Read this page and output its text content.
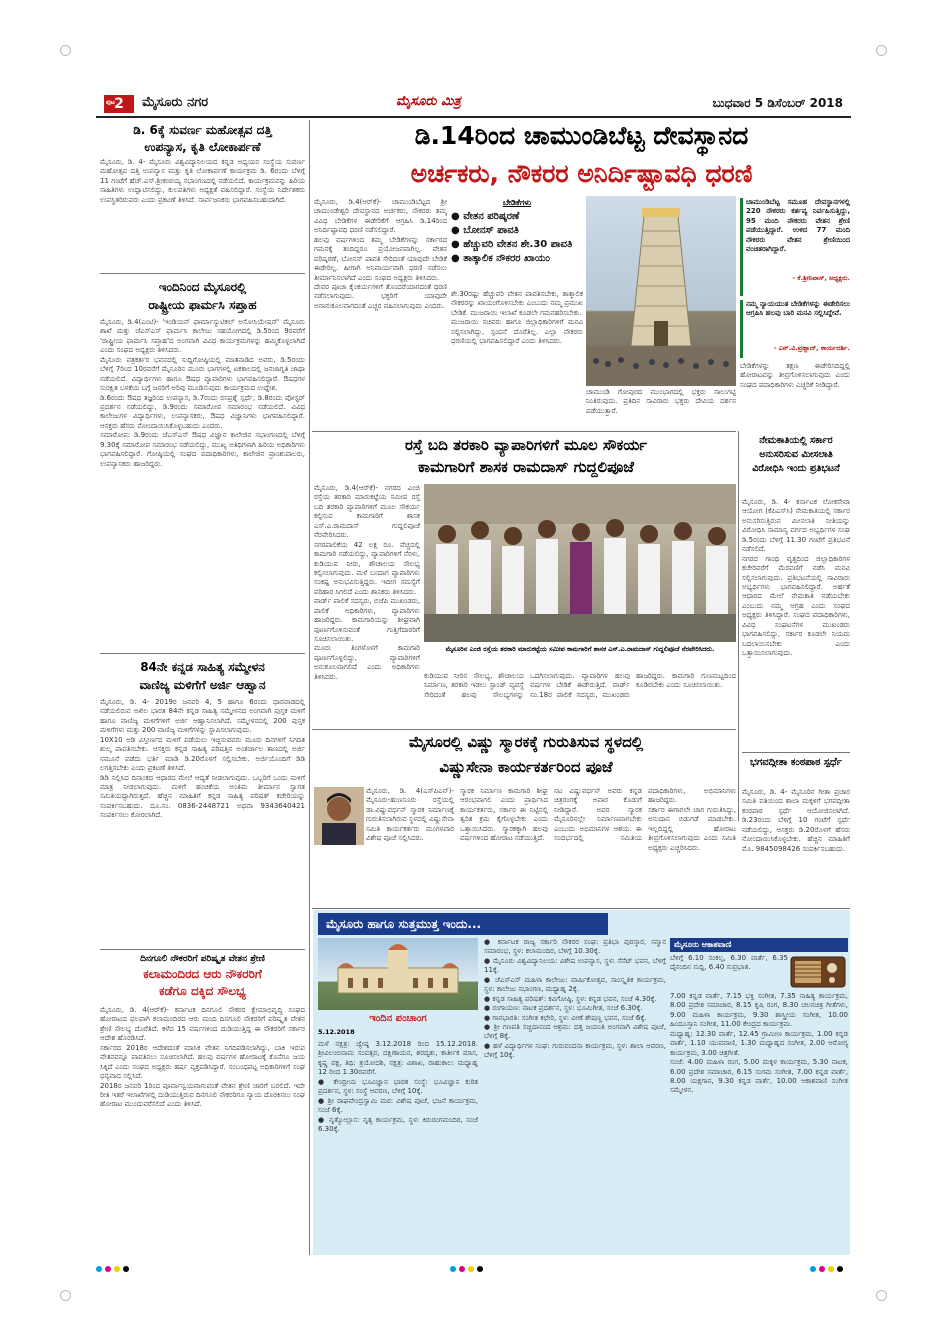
ಪುಟ 2	ಮೈಸೂರು ನಗರ	ಮೈಸೂರು ಮಿತ್ರ	ಬುಧವಾರ 5 ಡಿಸೆಂಬರ್ 2018
ಡಿ. 6ಕ್ಕೆ ಸುವರ್ಣ ಮಹೋತ್ಸವ ದತ್ತಿ
ಉಪನ್ಯಾಸ, ಕೃತಿ ಲೋಕಾರ್ಪಣೆ

ಮೈಸೂರು, ಡಿ. 4- ಮೈಸೂರು ವಿಶ್ವವಿದ್ಯಾನಿಲಯದ ಕನ್ನಡ ಅಧ್ಯಯನ ಸಂಸ್ಥೆಯ ಸುವರ್ಣ ಮಹೋತ್ಸವ ದತ್ತಿ ಉಪನ್ಯಾಸ ಮತ್ತು ಕೃತಿ ಲೋಕಾರ್ಪಣೆ ಕಾರ್ಯಕ್ರಮ ಡಿ. 6ರಂದು ಬೆಳಿಗ್ಗೆ 11 ಗಂಟೆಗೆ ಹೆಚ್.ಎಸ್.ಶ್ರೀಕಂಠಯ್ಯ ಸಭಾಂಗಣದಲ್ಲಿ ನಡೆಯಲಿದೆ. ಕಾರ್ಯಕ್ರಮವನ್ನು ಹಿರಿಯ ಸಾಹಿತಿಗಳು ಉದ್ಘಾಟಿಸಲಿದ್ದು, ಕುಲಪತಿಗಳು ಅಧ್ಯಕ್ಷತೆ ವಹಿಸಲಿದ್ದಾರೆ. ಸಂಸ್ಥೆಯ ನಿರ್ದೇಶಕರು ಉಪಸ್ಥಿತರಿರುವರು ಎಂದು ಪ್ರಕಟಣೆ ತಿಳಿಸಿದೆ. ಸಾರ್ವಜನಿಕರು ಭಾಗವಹಿಸಬಹುದಾಗಿದೆ.

ಇಂದಿನಿಂದ ಮೈಸೂರಲ್ಲಿ
ರಾಷ್ಟ್ರೀಯ ಫಾರ್ಮಸಿ ಸಪ್ತಾಹ

ಮೈಸೂರು, ಡಿ.4(ಎಂಟಿ)- 'ಇಂಡಿಯನ್ ಫಾರ್ಮಾಸ್ಯುಟಿಕಲ್ ಅಸೋಸಿಯೇಷನ್' ಮೈಸೂರು ಶಾಖೆ ಮತ್ತು ಜೆಎಸ್‌ಎಸ್ ಫಾರ್ಮಸಿ ಕಾಲೇಜು ಸಹಯೋಗದಲ್ಲಿ ಡಿ.5ರಿಂದ 9ರವರೆಗೆ 'ರಾಷ್ಟ್ರೀಯ ಫಾರ್ಮಸಿ ಸಪ್ತಾಹ'ದ ಅಂಗವಾಗಿ ವಿವಿಧ ಕಾರ್ಯಕ್ರಮಗಳನ್ನು ಹಮ್ಮಿಕೊಳ್ಳಲಾಗಿದೆ ಎಂದು ಸಂಘದ ಅಧ್ಯಕ್ಷರು ತಿಳಿಸಿದರು.

ಮೈಸೂರು ಪತ್ರಕರ್ತರ ಭವನದಲ್ಲಿ ಸುದ್ದಿಗೋಷ್ಠಿಯಲ್ಲಿ ಮಾತನಾಡಿದ ಅವರು, ಡಿ.5ರಂದು ಬೆಳಿಗ್ಗೆ 7ರಿಂದ 10ರವರೆಗೆ ಮೈಸೂರಿನ ಮೂರು ಭಾಗಗಳಲ್ಲಿ ಏಕಕಾಲದಲ್ಲಿ ಜನಜಾಗೃತಿ ಜಾಥಾ ನಡೆಯಲಿದೆ. ವಿದ್ಯಾರ್ಥಿಗಳು ಹಾಗೂ ಔಷಧ ವ್ಯಾಪಾರಿಗಳು ಭಾಗವಹಿಸಲಿದ್ದಾರೆ. ಔಷಧಗಳ ಸುರಕ್ಷಿತ ಬಳಕೆಯ ಬಗ್ಗೆ ಜನರಿಗೆ ಅರಿವು ಮೂಡಿಸುವುದು ಕಾರ್ಯಕ್ರಮದ ಉದ್ದೇಶ.

ಡಿ.6ರಂದು ಔಷಧ ತಜ್ಞರಿಂದ ಉಪನ್ಯಾಸ, ಡಿ.7ರಂದು ರಸಪ್ರಶ್ನೆ ಸ್ಪರ್ಧೆ, ಡಿ.8ರಂದು ಪೋಸ್ಟರ್ ಪ್ರದರ್ಶನ ನಡೆಯಲಿದ್ದು, ಡಿ.9ರಂದು ಸಮಾರೋಪ ಸಮಾರಂಭ ನಡೆಯಲಿದೆ. ವಿವಿಧ ಕಾಲೇಜುಗಳ ವಿದ್ಯಾರ್ಥಿಗಳು, ಉಪನ್ಯಾಸಕರು, ಔಷಧ ವಿಜ್ಞಾನಿಗಳು ಭಾಗವಹಿಸಲಿದ್ದಾರೆ. ಆಸಕ್ತರು ಹೆಸರು ನೋಂದಾಯಿಸಿಕೊಳ್ಳಬಹುದು ಎಂದರು.

ಸಮಾರೋಪ: ಡಿ.9ರಂದು ಜೆಎಸ್‌ಎಸ್ ಔಷಧ ವಿಜ್ಞಾನ ಕಾಲೇಜಿನ ಸಭಾಂಗಣದಲ್ಲಿ ಬೆಳಿಗ್ಗೆ 9.30ಕ್ಕೆ ಸಮಾರೋಪ ಸಮಾರಂಭ ನಡೆಯಲಿದ್ದು, ಮುಖ್ಯ ಅತಿಥಿಗಳಾಗಿ ಹಿರಿಯ ಅಧಿಕಾರಿಗಳು ಭಾಗವಹಿಸಲಿದ್ದಾರೆ. ಗೋಷ್ಠಿಯಲ್ಲಿ ಸಂಘದ ಪದಾಧಿಕಾರಿಗಳು, ಕಾಲೇಜಿನ ಪ್ರಾಂಶುಪಾಲರು, ಉಪನ್ಯಾಸಕರು ಹಾಜರಿದ್ದರು.

84ನೇ ಕನ್ನಡ ಸಾಹಿತ್ಯ ಸಮ್ಮೇಳನ
ವಾಣಿಜ್ಯ ಮಳಿಗೆಗೆ ಅರ್ಜಿ ಆಹ್ವಾನ

ಮೈಸೂರು, ಡಿ. 4- 2019ರ ಜನವರಿ 4, 5 ಹಾಗೂ 6ರಂದು ಧಾರವಾಡದಲ್ಲಿ ನಡೆಯಲಿರುವ ಅಖಿಲ ಭಾರತ 84ನೇ ಕನ್ನಡ ಸಾಹಿತ್ಯ ಸಮ್ಮೇಳನದ ಅಂಗವಾಗಿ ಪುಸ್ತಕ ಮಳಿಗೆ ಹಾಗೂ ವಾಣಿಜ್ಯ ಮಳಿಗೆಗಳಿಗೆ ಅರ್ಜಿ ಆಹ್ವಾನಿಸಲಾಗಿದೆ. ಸಮ್ಮೇಳನದಲ್ಲಿ 200 ಪುಸ್ತಕ ಮಳಿಗೆಗಳು ಮತ್ತು 200 ವಾಣಿಜ್ಯ ಮಳಿಗೆಗಳನ್ನು ಸ್ಥಾಪಿಸಲಾಗುವುದು.

10X10 ಅಡಿ ವಿಸ್ತೀರ್ಣದ ಮಳಿಗೆ ಪಡೆಯಲು ಇಚ್ಛಿಸುವವರು ಮೂರು ದಿನಗಳಿಗೆ ನಿಗದಿತ ಶುಲ್ಕ ಪಾವತಿಸಬೇಕು. ಆಸಕ್ತರು ಕನ್ನಡ ಸಾಹಿತ್ಯ ಪರಿಷತ್ತಿನ ಅಂತರ್ಜಾಲ ತಾಣದಲ್ಲಿ ಅರ್ಜಿ ನಮೂನೆ ಪಡೆದು ಭರ್ತಿ ಮಾಡಿ ಡಿ.20ರೊಳಗೆ ಸಲ್ಲಿಸಬೇಕು. ಅರ್ಜಿಯೊಂದಿಗೆ ಡಿಡಿ ಲಗತ್ತಿಸಬೇಕು ಎಂದು ಪ್ರಕಟಣೆ ತಿಳಿಸಿದೆ.

ಡಿಡಿ ಸಲ್ಲಿಸಿದ ದಿನಾಂಕದ ಆಧಾರದ ಮೇಲೆ ಆದ್ಯತೆ ನೀಡಲಾಗುವುದು. ಒಬ್ಬರಿಗೆ ಒಂದು ಮಳಿಗೆ ಮಾತ್ರ ನೀಡಲಾಗುವುದು. ಮಳಿಗೆ ಹಂಚಿಕೆಯ ಅಂತಿಮ ತೀರ್ಮಾನ ಸ್ವಾಗತ ಸಮಿತಿಯದ್ದಾಗಿರುತ್ತದೆ. ಹೆಚ್ಚಿನ ಮಾಹಿತಿಗೆ ಕನ್ನಡ ಸಾಹಿತ್ಯ ಪರಿಷತ್ ಕಚೇರಿಯನ್ನು ಸಂಪರ್ಕಿಸಬಹುದು. ದೂ.ಸಂ. 0836-2448721 ಅಥವಾ 9343640421 ಸಂಪರ್ಕಿಸಲು ಕೋರಲಾಗಿದೆ.

ದಿನಗೂಲಿ ನೌಕರರಿಗೆ ಪರಿಷ್ಕೃತ ವೇತನ ಶ್ರೇಣಿ
ಕಲಾಮಂದಿರದ ಆರು ನೌಕರರಿಗೆ
ಕಡೆಗೂ ದಕ್ಕಿದ ಸೌಲಭ್ಯ

ಮೈಸೂರು, ಡಿ. 4(ಆರ್‌ಕೆ)- ಕರ್ನಾಟಕ ದಿನಗೂಲಿ ನೌಕರರ ಕ್ಷೇಮಾಭಿವೃದ್ಧಿ ಸಂಘದ ಹೋರಾಟದ ಫಲವಾಗಿ ಕಲಾಮಂದಿರದ ಆರು ಮಂದಿ ದಿನಗೂಲಿ ನೌಕರರಿಗೆ ಪರಿಷ್ಕೃತ ವೇತನ ಶ್ರೇಣಿ ಸೌಲಭ್ಯ ದೊರೆತಿದೆ. ಕಳೆದ 15 ವರ್ಷಗಳಿಂದ ದುಡಿಯುತ್ತಿದ್ದ ಈ ನೌಕರರಿಗೆ ಸರ್ಕಾರ ಆದೇಶ ಹೊರಡಿಸಿದೆ.

ಸರ್ಕಾರದ 2018ರ ಆದೇಶದಂತೆ ಮಾಸಿಕ ವೇತನ ನಿಗದಿಪಡಿಸಲಾಗಿದ್ದು, ಬಾಕಿ ಇರುವ ವೇತನವನ್ನೂ ಪಾವತಿಸಲು ಸೂಚಿಸಲಾಗಿದೆ. ಹಲವು ವರ್ಷಗಳ ಹೋರಾಟಕ್ಕೆ ಕೊನೆಗೂ ಜಯ ಸಿಕ್ಕಿದೆ ಎಂದು ಸಂಘದ ಅಧ್ಯಕ್ಷರು ಹರ್ಷ ವ್ಯಕ್ತಪಡಿಸಿದ್ದಾರೆ. ಸಂಬಂಧಪಟ್ಟ ಅಧಿಕಾರಿಗಳಿಗೆ ಸಂಘ ಧನ್ಯವಾದ ಸಲ್ಲಿಸಿದೆ.

2018ರ ಜನವರಿ 1ರಿಂದ ಪೂರ್ವಾನ್ವಯವಾಗುವಂತೆ ವೇತನ ಶ್ರೇಣಿ ಜಾರಿಗೆ ಬರಲಿದೆ. ಇದೇ ರೀತಿ ಇತರೆ ಇಲಾಖೆಗಳಲ್ಲಿ ದುಡಿಯುತ್ತಿರುವ ದಿನಗೂಲಿ ನೌಕರರಿಗೂ ನ್ಯಾಯ ದೊರಕಿಸಲು ಸಂಘ ಹೋರಾಟ ಮುಂದುವರೆಸಲಿದೆ ಎಂದು ತಿಳಿಸಿದೆ.

ಡಿ.14ರಿಂದ ಚಾಮುಂಡಿಬೆಟ್ಟ ದೇವಸ್ಥಾನದ
ಅರ್ಚಕರು, ನೌಕರರ ಅನಿರ್ದಿಷ್ಟಾವಧಿ ಧರಣಿ

ಮೈಸೂರು, ಡಿ.4(ಆರ್‌ಕೆ)- ಚಾಮುಂಡಿಬೆಟ್ಟದ ಶ್ರೀ ಚಾಮುಂಡೇಶ್ವರಿ ದೇವಸ್ಥಾನದ ಅರ್ಚಕರು, ನೌಕರರು ತಮ್ಮ ವಿವಿಧ ಬೇಡಿಕೆಗಳ ಈಡೇರಿಕೆಗೆ ಆಗ್ರಹಿಸಿ ಡಿ.14ರಿಂದ ಅನಿರ್ದಿಷ್ಟಾವಧಿ ಧರಣಿ ನಡೆಸಲಿದ್ದಾರೆ.

ಹಲವು ವರ್ಷಗಳಿಂದ ತಮ್ಮ ಬೇಡಿಕೆಗಳನ್ನು ಸರ್ಕಾರದ ಗಮನಕ್ಕೆ ತಂದಿದ್ದರೂ ಪ್ರಯೋಜನವಾಗಿಲ್ಲ. ವೇತನ ಪರಿಷ್ಕರಣೆ, ಬೋನಸ್ ಪಾವತಿ ಸೇರಿದಂತೆ ಯಾವುದೇ ಬೇಡಿಕೆ ಈಡೇರಿಲ್ಲ. ಹೀಗಾಗಿ ಅನಿವಾರ್ಯವಾಗಿ ಧರಣಿ ನಡೆಸಲು ತೀರ್ಮಾನಿಸಲಾಗಿದೆ ಎಂದು ಸಂಘದ ಅಧ್ಯಕ್ಷರು ತಿಳಿಸಿದರು.

ದೇವರ ಪೂಜಾ ಕೈಂಕರ್ಯಗಳಿಗೆ ತೊಂದರೆಯಾಗದಂತೆ ಧರಣಿ ನಡೆಸಲಾಗುವುದು. ಭಕ್ತರಿಗೆ ಯಾವುದೇ ಅನಾನುಕೂಲವಾಗದಂತೆ ಎಚ್ಚರ ವಹಿಸಲಾಗುವುದು ಎಂದರು.

ಶೇ.30ರಷ್ಟು ಹೆಚ್ಚುವರಿ ವೇತನ ಪಾವತಿಸಬೇಕು, ತಾತ್ಕಾಲಿಕ ನೌಕರರನ್ನು ಖಾಯಂಗೊಳಿಸಬೇಕು ಎಂಬುದು ನಮ್ಮ ಪ್ರಮುಖ ಬೇಡಿಕೆ. ಮುಜರಾಯಿ ಇಲಾಖೆ ಕೂಡಲೇ ಗಮನಹರಿಸಬೇಕು.

ಮುಜರಾಯಿ ಸಚಿವರು ಹಾಗೂ ಜಿಲ್ಲಾಧಿಕಾರಿಗಳಿಗೆ ಮನವಿ ಸಲ್ಲಿಸಲಾಗಿದ್ದು, ಸ್ಪಂದನೆ ದೊರೆತಿಲ್ಲ. ಎಲ್ಲಾ ನೌಕರರು ಧರಣಿಯಲ್ಲಿ ಭಾಗವಹಿಸಲಿದ್ದಾರೆ ಎಂದು ತಿಳಿಸಿದರು.

ಬೇಡಿಕೆಗಳು
● ವೇತನ ಪರಿಷ್ಕರಣೆ
● ಬೋನಸ್ ಪಾವತಿ
● ಹೆಚ್ಚುವರಿ ವೇತನ ಶೇ.30 ಪಾವತಿ
● ತಾತ್ಕಾಲಿಕ ನೌಕರರ ಖಾಯಂ

ಚಾಮುಂಡಿ ಗೋಪುರದ ಮುಂಭಾಗದಲ್ಲಿ ಭಕ್ತರು ಸಾಲುಗಟ್ಟಿ ನಿಂತಿರುವುದು. ಪ್ರತಿದಿನ ಸಾವಿರಾರು ಭಕ್ತರು ದೇವಿಯ ದರ್ಶನ ಪಡೆಯುತ್ತಾರೆ.

ಚಾಮುಂಡಿಬೆಟ್ಟ ಸಮೂಹ ದೇವಸ್ಥಾನಗಳಲ್ಲಿ 220 ನೌಕರರು ಕರ್ತವ್ಯ ನಿರ್ವಹಿಸುತ್ತಿದ್ದು, 95 ಮಂದಿ ನೌಕರರು ವೇತನ ಶ್ರೇಣಿ ಪಡೆಯುತ್ತಿದ್ದಾರೆ. ಉಳಿದ 77 ಮಂದಿ ನೌಕರರು ವೇತನ ಶ್ರೇಣಿಯಿಂದ ವಂಚಿತರಾಗಿದ್ದಾರೆ.
- ಕೆ.ಶ್ರೀನಿವಾಸ್, ಅಧ್ಯಕ್ಷರು.
ನಮ್ಮ ನ್ಯಾಯಯುತ ಬೇಡಿಕೆಗಳನ್ನು ಈಡೇರಿಸಲು ಆಗ್ರಹಿಸಿ ಹಲವು ಬಾರಿ ಮನವಿ ಸಲ್ಲಿಸಿದ್ದೇವೆ.
- ಎನ್.ವಿ.ಪ್ರಹ್ಲಾದ್, ಕಾರ್ಯದರ್ಶಿ.

ಬೇಡಿಕೆಗಳನ್ನು ತಕ್ಷಣ ಈಡೇರಿಸದಿದ್ದಲ್ಲಿ ಹೋರಾಟವನ್ನು ತೀವ್ರಗೊಳಿಸಲಾಗುವುದು ಎಂದು ಸಂಘದ ಪದಾಧಿಕಾರಿಗಳು ಎಚ್ಚರಿಕೆ ನೀಡಿದ್ದಾರೆ.

ರಸ್ತೆ ಬದಿ ತರಕಾರಿ ವ್ಯಾಪಾರಿಗಳಿಗೆ ಮೂಲ ಸೌಕರ್ಯ
ಕಾಮಗಾರಿಗೆ ಶಾಸಕ ರಾಮದಾಸ್ ಗುದ್ದಲಿಪೂಜೆ

ಮೈಸೂರು, ಡಿ.4(ಆರ್‌ಕೆ)- ನಗರದ ಎಂಜಿ ರಸ್ತೆಯ ತರಕಾರಿ ಮಾರುಕಟ್ಟೆಯ ಸಮೀಪ ರಸ್ತೆ ಬದಿ ತರಕಾರಿ ವ್ಯಾಪಾರಿಗಳಿಗೆ ಮೂಲ ಸೌಕರ್ಯ ಕಲ್ಪಿಸುವ ಕಾಮಗಾರಿಗೆ ಶಾಸಕ ಎಸ್.ಎ.ರಾಮದಾಸ್ ಗುದ್ದಲಿಪೂಜೆ ನೆರವೇರಿಸಿದರು.

ನಗರಪಾಲಿಕೆಯ 42 ಲಕ್ಷ ರೂ. ವೆಚ್ಚದಲ್ಲಿ ಕಾಮಗಾರಿ ನಡೆಯಲಿದ್ದು, ವ್ಯಾಪಾರಿಗಳಿಗೆ ನೆರಳು, ಕುಡಿಯುವ ನೀರು, ಶೌಚಾಲಯ ಸೌಲಭ್ಯ ಕಲ್ಪಿಸಲಾಗುವುದು. ಮಳೆ ಬಂದಾಗ ವ್ಯಾಪಾರಿಗಳು ಸಂಕಷ್ಟ ಅನುಭವಿಸುತ್ತಿದ್ದರು. ಇದೀಗ ಸಮಸ್ಯೆಗೆ ಪರಿಹಾರ ಸಿಗಲಿದೆ ಎಂದು ಶಾಸಕರು ತಿಳಿಸಿದರು.

ವಾರ್ಡ್ ಪಾಲಿಕೆ ಸದಸ್ಯರು, ಬಿಜೆಪಿ ಮುಖಂಡರು, ಪಾಲಿಕೆ ಅಧಿಕಾರಿಗಳು, ವ್ಯಾಪಾರಿಗಳು ಹಾಜರಿದ್ದರು. ಕಾಮಗಾರಿಯನ್ನು ಶೀಘ್ರವಾಗಿ ಪೂರ್ಣಗೊಳಿಸುವಂತೆ ಗುತ್ತಿಗೆದಾರರಿಗೆ ಸೂಚಿಸಲಾಯಿತು.

ಮೂರು ತಿಂಗಳೊಳಗೆ ಕಾಮಗಾರಿ ಪೂರ್ಣಗೊಳ್ಳಲಿದ್ದು, ವ್ಯಾಪಾರಿಗಳಿಗೆ ಅನುಕೂಲವಾಗಲಿದೆ ಎಂದು ಅಧಿಕಾರಿಗಳು ತಿಳಿಸಿದರು.

ಮೈಸೂರಿನ ಎಂಜಿ ರಸ್ತೆಯ ತರಕಾರಿ ಮಾರುಕಟ್ಟೆಯ ಸಮೀಪ ಕಾಮಗಾರಿಗೆ ಶಾಸಕ ಎಸ್.ಎ.ರಾಮದಾಸ್ ಗುದ್ದಲಿಪೂಜೆ ನೆರವೇರಿಸಿದರು.

ಕುಡಿಯುವ ನೀರಿನ ಸೌಲಭ್ಯ, ಶೌಚಾಲಯ ನಿರ್ಮಾಣ, ತರಕಾರಿ ಇಡಲು ಸ್ಟಾಂಡ್ ವ್ಯವಸ್ಥೆ ಸೇರಿದಂತೆ ಹಲವು ಸೌಲಭ್ಯಗಳನ್ನು ಒದಗಿಸಲಾಗುವುದು. ವ್ಯಾಪಾರಿಗಳ ಹಲವು ವರ್ಷಗಳ ಬೇಡಿಕೆ ಈಡೇರುತ್ತಿದೆ. ವಾರ್ಡ್ ನಂ.18ರ ಪಾಲಿಕೆ ಸದಸ್ಯರು, ಮುಖಂಡರು ಹಾಜರಿದ್ದರು. ಕಾಮಗಾರಿ ಗುಣಮಟ್ಟದಿಂದ ಕೂಡಿರಬೇಕು ಎಂದು ಸೂಚಿಸಲಾಯಿತು.

ನೇಮಕಾತಿಯಲ್ಲಿ ಸರ್ಕಾರ ಅನುಸರಿಸುವ ಮೀಸಲಾತಿ ವಿರೋಧಿಸಿ ಇಂದು ಪ್ರತಿಭಟನೆ

ಮೈಸೂರು, ಡಿ. 4- ಕರ್ನಾಟಕ ಲೋಕಸೇವಾ ಆಯೋಗ (ಕೆಪಿಎಸ್‌ಸಿ) ನೇಮಕಾತಿಯಲ್ಲಿ ಸರ್ಕಾರ ಅನುಸರಿಸುತ್ತಿರುವ ಮೀಸಲಾತಿ ನೀತಿಯನ್ನು ವಿರೋಧಿಸಿ ಸಾಮಾನ್ಯ ವರ್ಗದ ಅಭ್ಯರ್ಥಿಗಳ ಸಂಘ ಡಿ.5ರಂದು ಬೆಳಿಗ್ಗೆ 11.30 ಗಂಟೆಗೆ ಪ್ರತಿಭಟನೆ ನಡೆಸಲಿದೆ.

ನಗರದ ಗಾಂಧಿ ವೃತ್ತದಿಂದ ಜಿಲ್ಲಾಧಿಕಾರಿಗಳ ಕಚೇರಿವರೆಗೆ ಮೆರವಣಿಗೆ ನಡೆಸಿ ಮನವಿ ಸಲ್ಲಿಸಲಾಗುವುದು. ಪ್ರತಿಭಟನೆಯಲ್ಲಿ ಸಾವಿರಾರು ಅಭ್ಯರ್ಥಿಗಳು ಭಾಗವಹಿಸಲಿದ್ದಾರೆ. ಅರ್ಹತೆ ಆಧಾರದ ಮೇಲೆ ನೇಮಕಾತಿ ನಡೆಯಬೇಕು ಎಂಬುದು ನಮ್ಮ ಆಗ್ರಹ ಎಂದು ಸಂಘದ ಅಧ್ಯಕ್ಷರು ತಿಳಿಸಿದ್ದಾರೆ. ಸಂಘದ ಪದಾಧಿಕಾರಿಗಳು, ವಿವಿಧ ಸಂಘಟನೆಗಳ ಮುಖಂಡರು ಭಾಗವಹಿಸಲಿದ್ದು, ಸರ್ಕಾರ ಕೂಡಲೇ ನಿಯಮ ಬದಲಾಯಿಸಬೇಕು ಎಂದು ಒತ್ತಾಯಿಸಲಾಗುವುದು.

ಭಗವದ್ಗೀತಾ ಕಂಠಪಾಠ ಸ್ಪರ್ಧೆ

ಮೈಸೂರು, ಡಿ. 4- ಮೈಸೂರಿನ ಗೀತಾ ಪ್ರಚಾರ ಸಮಿತಿ ವತಿಯಿಂದ ಶಾಲಾ ಮಕ್ಕಳಿಗೆ ಭಗವದ್ಗೀತಾ ಕಂಠಪಾಠ ಸ್ಪರ್ಧೆ ಆಯೋಜಿಸಲಾಗಿದೆ. ಡಿ.23ರಂದು ಬೆಳಿಗ್ಗೆ 10 ಗಂಟೆಗೆ ಸ್ಪರ್ಧೆ ನಡೆಯಲಿದ್ದು, ಆಸಕ್ತರು ಡಿ.20ರೊಳಗೆ ಹೆಸರು ನೋಂದಾಯಿಸಿಕೊಳ್ಳಬೇಕು. ಹೆಚ್ಚಿನ ಮಾಹಿತಿಗೆ ಮೊ. 9845098426 ಸಂಪರ್ಕಿಸಬಹುದು.

ಮೈಸೂರಲ್ಲಿ ವಿಷ್ಣು ಸ್ಮಾರಕಕ್ಕೆ ಗುರುತಿಸುವ ಸ್ಥಳದಲ್ಲಿ
ವಿಷ್ಣುಸೇನಾ ಕಾರ್ಯಕರ್ತರಿಂದ ಪೂಜೆ

ಮೈಸೂರು, ಡಿ. 4(ಎಸ್‌ಪಿಎನ್)- ಮೈಸೂರು-ಹುಣಸೂರು ರಸ್ತೆಯಲ್ಲಿ ಡಾ.ವಿಷ್ಣುವರ್ಧನ್ ಸ್ಮಾರಕ ನಿರ್ಮಾಣಕ್ಕೆ ಗುರುತಿಸಲಾಗಿರುವ ಸ್ಥಳದಲ್ಲಿ ವಿಷ್ಣುಸೇನಾ ಸಮಿತಿ ಕಾರ್ಯಕರ್ತರು ಮಂಗಳವಾರ ವಿಶೇಷ ಪೂಜೆ ಸಲ್ಲಿಸಿದರು.

ಸ್ಮಾರಕ ನಿರ್ಮಾಣ ಕಾಮಗಾರಿ ಶೀಘ್ರ ಆರಂಭವಾಗಲಿ ಎಂದು ಪ್ರಾರ್ಥಿಸಿದ ಕಾರ್ಯಕರ್ತರು, ಸರ್ಕಾರ ಈ ನಿಟ್ಟಿನಲ್ಲಿ ತ್ವರಿತ ಕ್ರಮ ಕೈಗೊಳ್ಳಬೇಕು ಎಂದು ಒತ್ತಾಯಿಸಿದರು. ಸ್ಮಾರಕಕ್ಕಾಗಿ ಹಲವು ವರ್ಷಗಳಿಂದ ಹೋರಾಟ ನಡೆಯುತ್ತಿದೆ.

ನಟ ವಿಷ್ಣುವರ್ಧನ್ ಅವರು ಕನ್ನಡ ಚಿತ್ರರಂಗಕ್ಕೆ ಅಪಾರ ಕೊಡುಗೆ ನೀಡಿದ್ದಾರೆ. ಅವರ ಸ್ಮಾರಕ ಮೈಸೂರಿನಲ್ಲೇ ನಿರ್ಮಾಣವಾಗಬೇಕು ಎಂಬುದು ಅಭಿಮಾನಿಗಳ ಆಶಯ. ಈ ಸಂದರ್ಭದಲ್ಲಿ ಸಮಿತಿಯ ಪದಾಧಿಕಾರಿಗಳು, ಅಭಿಮಾನಿಗಳು ಹಾಜರಿದ್ದರು.

ಸರ್ಕಾರ ಈಗಾಗಲೇ ಜಾಗ ಗುರುತಿಸಿದ್ದು, ಅನುದಾನ ಬಿಡುಗಡೆ ಮಾಡಬೇಕು. ಇಲ್ಲದಿದ್ದಲ್ಲಿ ಹೋರಾಟ ತೀವ್ರಗೊಳಿಸಲಾಗುವುದು ಎಂದು ಸಮಿತಿ ಅಧ್ಯಕ್ಷರು ಎಚ್ಚರಿಸಿದರು.

ಮೈಸೂರು ಹಾಗೂ ಸುತ್ತಮುತ್ತ ಇಂದು...
ಇಂದಿನ ಪಂಚಾಂಗ
5.12.2018

ಮಳೆ ನಕ್ಷತ್ರ: ಜ್ಯೇಷ್ಠ 3.12.2018 ರಿಂದ 15.12.2018. ಶ್ರೀವಿಲಂಬಿನಾಮ ಸಂವತ್ಸರ, ದಕ್ಷಿಣಾಯನ, ಶರದೃತು, ಕಾರ್ತೀಕ ಮಾಸ, ಕೃಷ್ಣ ಪಕ್ಷ, ತಿಥಿ: ತ್ರಯೋದಶಿ, ನಕ್ಷತ್ರ: ವಿಶಾಖ, ರಾಹುಕಾಲ: ಮಧ್ಯಾಹ್ನ 12 ರಿಂದ 1.30ರವರೆಗೆ.

● ಕೇಂದ್ರೀಯ ಭೂವಿಜ್ಞಾನ ಭಾರತ ಸಂಸ್ಥೆ: ಭೂವಿಜ್ಞಾನ ಕುರಿತ ಪ್ರದರ್ಶನ, ಸ್ಥಳ: ಸಂಸ್ಥೆ ಆವರಣ, ಬೆಳಿಗ್ಗೆ 10ಕ್ಕೆ.

● ಶ್ರೀ ರಾಘವೇಂದ್ರಸ್ವಾಮಿ ಮಠ: ವಿಶೇಷ ಪೂಜೆ, ಭಜನೆ ಕಾರ್ಯಕ್ರಮ, ಸಂಜೆ 6ಕ್ಕೆ.

● ನೃತ್ಯೋಲ್ಲಾಸ: ನೃತ್ಯ ಕಾರ್ಯಕ್ರಮ, ಸ್ಥಳ: ಕಿರುರಂಗಮಂದಿರ, ಸಂಜೆ 6.30ಕ್ಕೆ.

● ಕರ್ನಾಟಕ ರಾಜ್ಯ ಸರ್ಕಾರಿ ನೌಕರರ ಸಂಘ: ಪ್ರತಿಭಾ ಪುರಸ್ಕಾರ, ಸನ್ಮಾನ ಸಮಾರಂಭ, ಸ್ಥಳ: ಕಲಾಮಂದಿರ, ಬೆಳಿಗ್ಗೆ 10.30ಕ್ಕೆ.

● ಮೈಸೂರು ವಿಶ್ವವಿದ್ಯಾನಿಲಯ: ವಿಶೇಷ ಉಪನ್ಯಾಸ, ಸ್ಥಳ: ಸೆನೆಟ್ ಭವನ, ಬೆಳಿಗ್ಗೆ 11ಕ್ಕೆ.

● ಜೆಎಸ್‌ಎಸ್ ಮಹಿಳಾ ಕಾಲೇಜು: ವಾರ್ಷಿಕೋತ್ಸವ, ಸಾಂಸ್ಕೃತಿಕ ಕಾರ್ಯಕ್ರಮ, ಸ್ಥಳ: ಕಾಲೇಜು ಸಭಾಂಗಣ, ಮಧ್ಯಾಹ್ನ 2ಕ್ಕೆ.

● ಕನ್ನಡ ಸಾಹಿತ್ಯ ಪರಿಷತ್: ಕವಿಗೋಷ್ಠಿ, ಸ್ಥಳ: ಕನ್ನಡ ಭವನ, ಸಂಜೆ 4.30ಕ್ಕೆ.

● ರಂಗಾಯಣ: ನಾಟಕ ಪ್ರದರ್ಶನ, ಸ್ಥಳ: ಭೂಮಿಗೀತ, ಸಂಜೆ 6.30ಕ್ಕೆ.

● ಗಾನಭಾರತಿ: ಸಂಗೀತ ಕಛೇರಿ, ಸ್ಥಳ: ವೀಣೆ ಶೇಷಣ್ಣ ಭವನ, ಸಂಜೆ 6ಕ್ಕೆ.

● ಶ್ರೀ ಗಣಪತಿ ಸಚ್ಚಿದಾನಂದ ಆಶ್ರಮ: ದತ್ತ ಜಯಂತಿ ಅಂಗವಾಗಿ ವಿಶೇಷ ಪೂಜೆ, ಬೆಳಿಗ್ಗೆ 8ಕ್ಕೆ.

● ಹಳೆ ವಿದ್ಯಾರ್ಥಿಗಳ ಸಂಘ: ಗುರುವಂದನಾ ಕಾರ್ಯಕ್ರಮ, ಸ್ಥಳ: ಶಾಲಾ ಆವರಣ, ಬೆಳಿಗ್ಗೆ 10ಕ್ಕೆ.

ಮೈಸೂರು ಆಕಾಶವಾಣಿ

ಬೆಳಿಗ್ಗೆ 6.10 ಸಂಕಲ್ಪ, 6.30 ವಾರ್ತೆ, 6.35 ದೈನಂದಿನ ಸುದ್ದಿ, 6.40 ಸುಪ್ರಭಾತ.

7.00 ಕನ್ನಡ ವಾರ್ತೆ, 7.15 ಭಕ್ತಿ ಸಂಗೀತ, 7.35 ಸಾಹಿತ್ಯ ಕಾರ್ಯಕ್ರಮ, 8.00 ಪ್ರದೇಶ ಸಮಾಚಾರ, 8.15 ಕೃಷಿ ರಂಗ, 8.30 ಚಲನಚಿತ್ರ ಗೀತೆಗಳು, 9.00 ಮಹಿಳಾ ಕಾರ್ಯಕ್ರಮ, 9.30 ಶಾಸ್ತ್ರೀಯ ಸಂಗೀತ, 10.00 ಹಿಂದೂಸ್ತಾನಿ ಸಂಗೀತ, 11.00 ಕೇಂದ್ರದ ಕಾರ್ಯಕ್ರಮ.

ಮಧ್ಯಾಹ್ನ: 12.30 ವಾರ್ತೆ, 12.45 ಗ್ರಾಮೀಣ ಕಾರ್ಯಕ್ರಮ, 1.00 ಕನ್ನಡ ವಾರ್ತೆ, 1.10 ಯುವವಾಣಿ, 1.30 ಮಧ್ಯಾಹ್ನದ ಸಂಗೀತ, 2.00 ಆರೋಗ್ಯ ಕಾರ್ಯಕ್ರಮ, 3.00 ಚಿತ್ರಗೀತೆ.

ಸಂಜೆ: 4.00 ಮಹಿಳಾ ರಂಗ, 5.00 ಮಕ್ಕಳ ಕಾರ್ಯಕ್ರಮ, 5.30 ನಾಟಕ, 6.00 ಪ್ರದೇಶ ಸಮಾಚಾರ, 6.15 ಸುಗಮ ಸಂಗೀತ, 7.00 ಕನ್ನಡ ವಾರ್ತೆ, 8.00 ಯಕ್ಷಗಾನ, 9.30 ಕನ್ನಡ ವಾರ್ತೆ, 10.00 ಆಕಾಶವಾಣಿ ಸಂಗೀತ ಸಮ್ಮೇಳನ.
